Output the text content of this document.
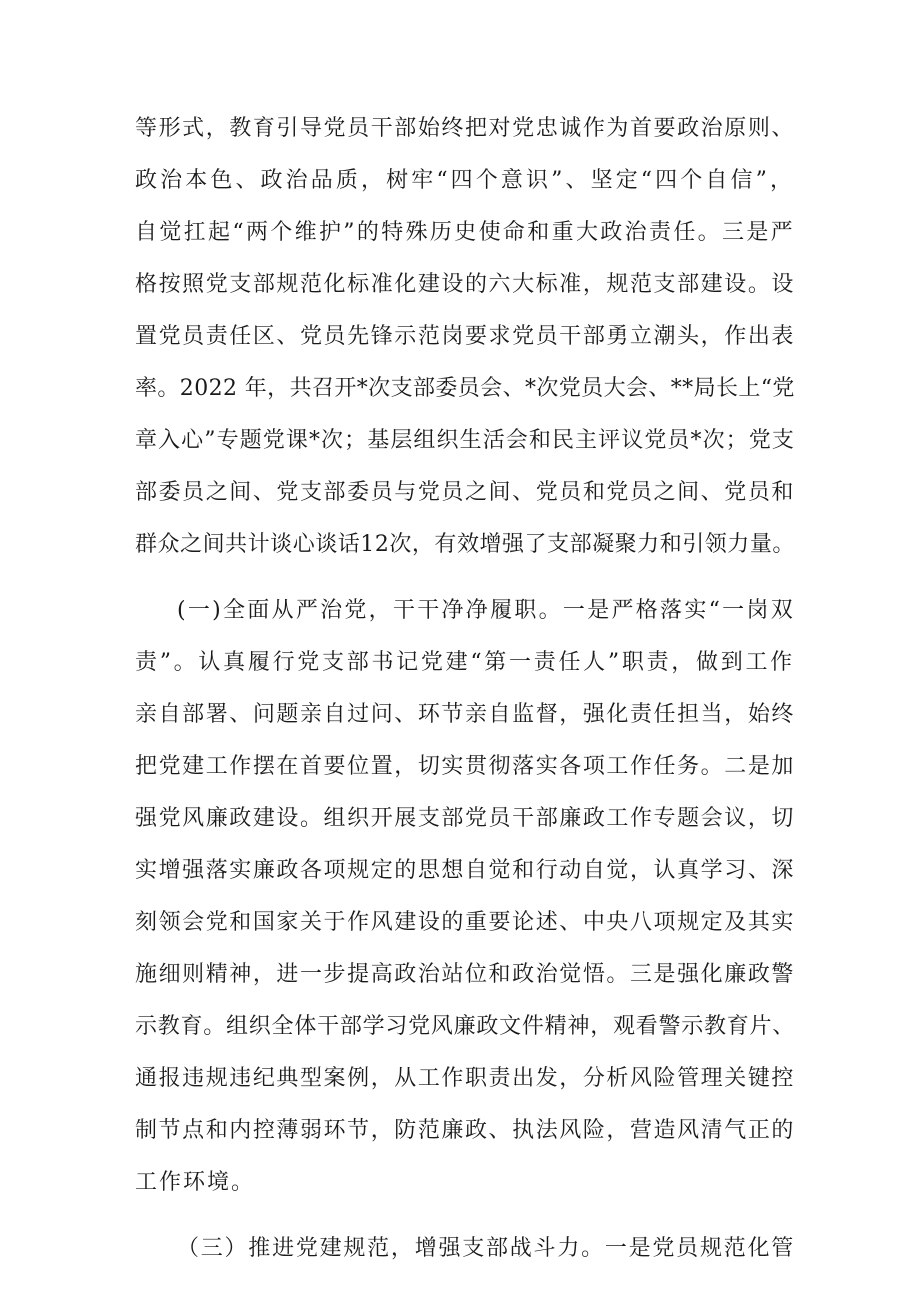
等形式，教育引导党员干部始终把对党忠诚作为首要政治原则、
政治本色、政治品质，树牢“四个意识”、坚定“四个自信”，
自觉扛起“两个维护”的特殊历史使命和重大政治责任。三是严
格按照党支部规范化标准化建设的六大标准，规范支部建设。设
置党员责任区、党员先锋示范岗要求党员干部勇立潮头，作出表
率。2022 年，共召开*次支部委员会、*次党员大会、**局长上“党
章入心”专题党课*次；基层组织生活会和民主评议党员*次；党支
部委员之间、党支部委员与党员之间、党员和党员之间、党员和
群众之间共计谈心谈话12次，有效增强了支部凝聚力和引领力量。
(一)全面从严治党，干干净净履职。一是严格落实“一岗双
责”。认真履行党支部书记党建“第一责任人”职责，做到工作
亲自部署、问题亲自过问、环节亲自监督，强化责任担当，始终
把党建工作摆在首要位置，切实贯彻落实各项工作任务。二是加
强党风廉政建设。组织开展支部党员干部廉政工作专题会议，切
实增强落实廉政各项规定的思想自觉和行动自觉，认真学习、深
刻领会党和国家关于作风建设的重要论述、中央八项规定及其实
施细则精神，进一步提高政治站位和政治觉悟。三是强化廉政警
示教育。组织全体干部学习党风廉政文件精神，观看警示教育片、
通报违规违纪典型案例，从工作职责出发，分析风险管理关键控
制节点和内控薄弱环节，防范廉政、执法风险，营造风清气正的
工作环境。
（三）推进党建规范，增强支部战斗力。一是党员规范化管
